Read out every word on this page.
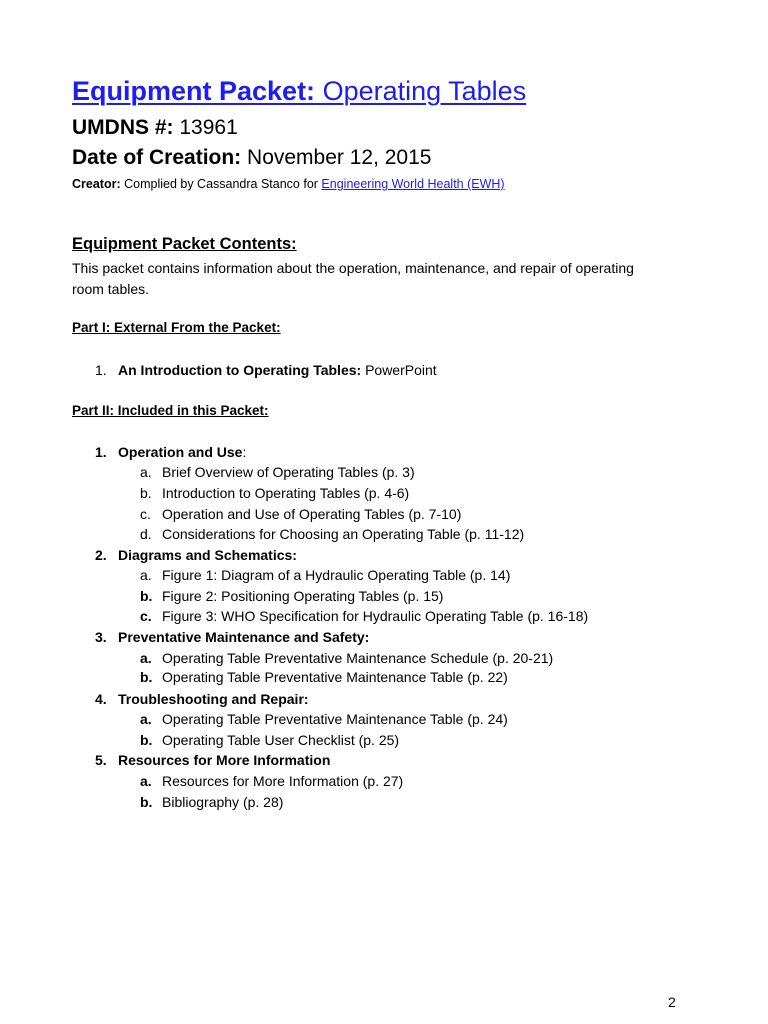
Equipment Packet: Operating Tables
UMDNS #: 13961
Date of Creation: November 12, 2015
Creator: Complied by Cassandra Stanco for Engineering World Health (EWH)
Equipment Packet Contents:
This packet contains information about the operation, maintenance, and repair of operating
room tables.
Part I: External From the Packet:
1. An Introduction to Operating Tables: PowerPoint
Part II: Included in this Packet:
1. Operation and Use:
a. Brief Overview of Operating Tables (p. 3)
b. Introduction to Operating Tables (p. 4-6)
c. Operation and Use of Operating Tables (p. 7-10)
d. Considerations for Choosing an Operating Table (p. 11-12)
2. Diagrams and Schematics:
a. Figure 1: Diagram of a Hydraulic Operating Table (p. 14)
b. Figure 2: Positioning Operating Tables (p. 15)
c. Figure 3: WHO Specification for Hydraulic Operating Table (p. 16-18)
3. Preventative Maintenance and Safety:
a. Operating Table Preventative Maintenance Schedule (p. 20-21)
b. Operating Table Preventative Maintenance Table (p. 22)
4. Troubleshooting and Repair:
a. Operating Table Preventative Maintenance Table (p. 24)
b. Operating Table User Checklist (p. 25)
5. Resources for More Information
a. Resources for More Information (p. 27)
b. Bibliography (p. 28)
2
